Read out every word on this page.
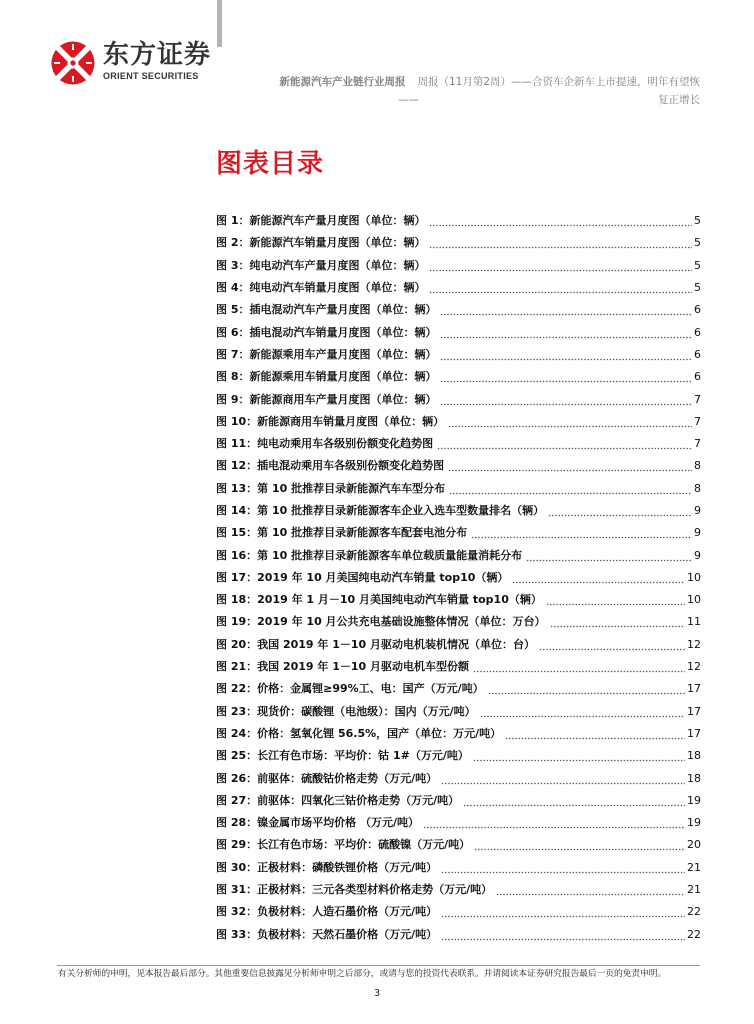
东方证券
ORIENT SECURITIES	新能源汽车产业链行业周报 周报（11月第2周）——合资车企新车上市提速，明年有望恢
——	复正增长
图表目录
图 1：新能源汽车产量月度图（单位：辆）	5
图 2：新能源汽车销量月度图（单位：辆）	5
图 3：纯电动汽车产量月度图（单位：辆）	5
图 4：纯电动汽车销量月度图（单位：辆）	5
图 5：插电混动汽车产量月度图（单位：辆）	6
图 6：插电混动汽车销量月度图（单位：辆）	6
图 7：新能源乘用车产量月度图（单位：辆）	6
图 8：新能源乘用车销量月度图（单位：辆）	6
图 9：新能源商用车产量月度图（单位：辆）	7
图 10：新能源商用车销量月度图（单位：辆）	7
图 11：纯电动乘用车各级别份额变化趋势图	7
图 12：插电混动乘用车各级别份额变化趋势图	8
图 13：第 10 批推荐目录新能源汽车车型分布	8
图 14：第 10 批推荐目录新能源客车企业入选车型数量排名（辆）	9
图 15：第 10 批推荐目录新能源客车配套电池分布	9
图 16：第 10 批推荐目录新能源客车单位载质量能量消耗分布	9
图 17：2019 年 10 月美国纯电动汽车销量 top10（辆）	10
图 18：2019 年 1 月－10 月美国纯电动汽车销量 top10（辆）	10
图 19：2019 年 10 月公共充电基础设施整体情况（单位：万台）	11
图 20：我国 2019 年 1－10 月驱动电机装机情况（单位：台）	12
图 21：我国 2019 年 1－10 月驱动电机车型份额	12
图 22：价格：金属锂≥99%工、电：国产（万元/吨）	17
图 23：现货价：碳酸锂（电池级）：国内（万元/吨）	17
图 24：价格：氢氧化锂 56.5%，国产（单位：万元/吨）	17
图 25：长江有色市场：平均价：钴 1#（万元/吨）	18
图 26：前驱体：硫酸钴价格走势（万元/吨）	18
图 27：前驱体：四氧化三钴价格走势（万元/吨）	19
图 28：镍金属市场平均价格 （万元/吨）	19
图 29：长江有色市场：平均价：硫酸镍（万元/吨）	20
图 30：正极材料：磷酸铁锂价格（万元/吨）	21
图 31：正极材料：三元各类型材料价格走势（万元/吨）	21
图 32：负极材料：人造石墨价格（万元/吨）	22
图 33：负极材料：天然石墨价格（万元/吨）	22
有关分析师的申明，见本报告最后部分。其他重要信息披露见分析师申明之后部分，或请与您的投资代表联系。并请阅读本证券研究报告最后一页的免责申明。
3
